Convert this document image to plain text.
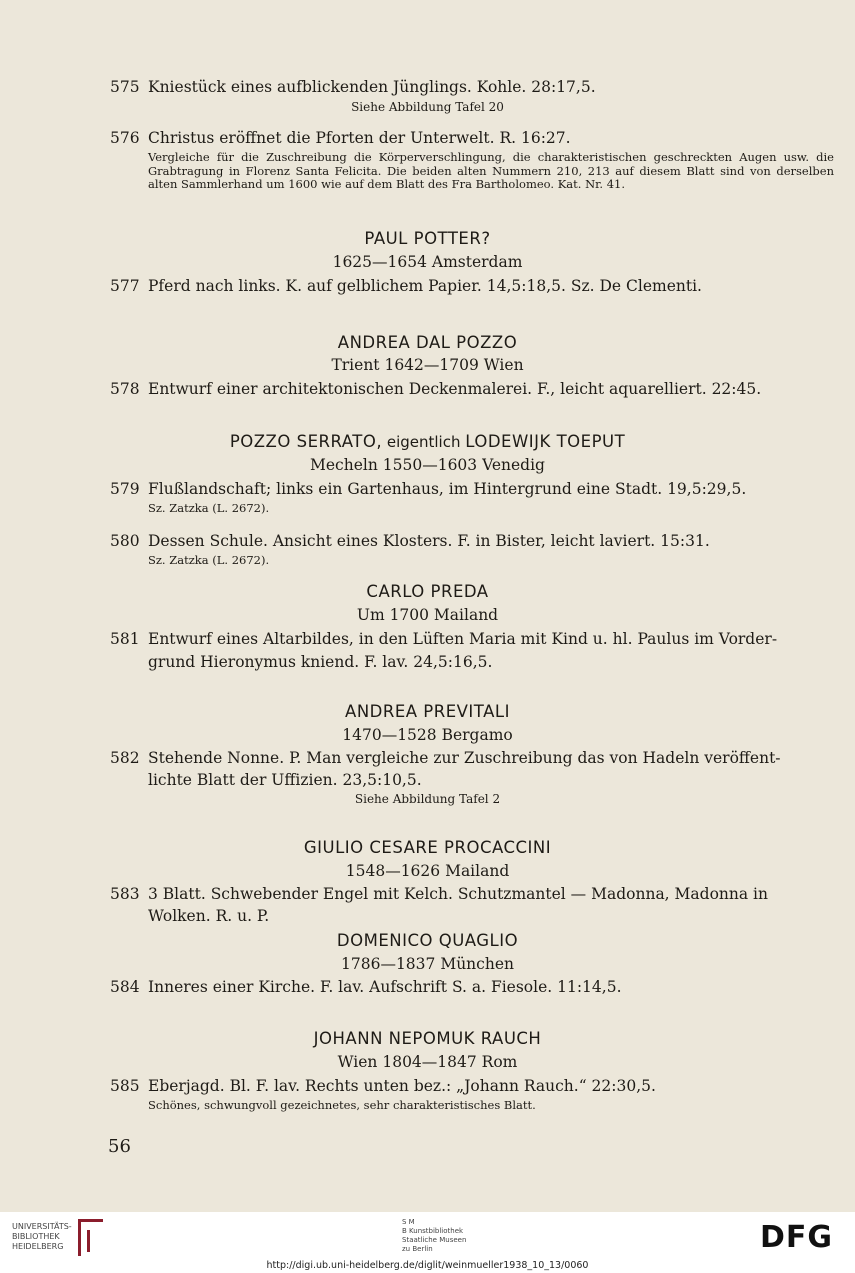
575 Kniestück eines aufblickenden Jünglings. Kohle. 28:17,5.
Siehe Abbildung Tafel 20
576 Christus eröffnet die Pforten der Unterwelt. R. 16:27.
Vergleiche für die Zuschreibung die Körperverschlingung, die charakteristischen geschreckten Augen usw. die Grabtragung in Florenz Santa Felicita. Die beiden alten Nummern 210, 213 auf diesem Blatt sind von derselben alten Sammlerhand um 1600 wie auf dem Blatt des Fra Bartholomeo. Kat. Nr. 41.
PAUL POTTER?
1625—1654 Amsterdam
577 Pferd nach links. K. auf gelblichem Papier. 14,5:18,5. Sz. De Clementi.
ANDREA DAL POZZO
Trient 1642—1709 Wien
578 Entwurf einer architektonischen Deckenmalerei. F., leicht aquarelliert. 22:45.
POZZO SERRATO, eigentlich LODEWIJK TOEPUT
Mecheln 1550—1603 Venedig
579 Flußlandschaft; links ein Gartenhaus, im Hintergrund eine Stadt. 19,5:29,5.
Sz. Zatzka (L. 2672).
580 Dessen Schule. Ansicht eines Klosters. F. in Bister, leicht laviert. 15:31.
Sz. Zatzka (L. 2672).
CARLO PREDA
Um 1700 Mailand
581 Entwurf eines Altarbildes, in den Lüften Maria mit Kind u. hl. Paulus im Vorder-
grund Hieronymus kniend. F. lav. 24,5:16,5.
ANDREA PREVITALI
1470—1528 Bergamo
582 Stehende Nonne. P. Man vergleiche zur Zuschreibung das von Hadeln veröffent-
lichte Blatt der Uffizien. 23,5:10,5.
Siehe Abbildung Tafel 2
GIULIO CESARE PROCACCINI
1548—1626 Mailand
583 3 Blatt. Schwebender Engel mit Kelch. Schutzmantel — Madonna, Madonna in
Wolken. R. u. P.
DOMENICO QUAGLIO
1786—1837 München
584 Inneres einer Kirche. F. lav. Aufschrift S. a. Fiesole. 11:14,5.
JOHANN NEPOMUK RAUCH
Wien 1804—1847 Rom
585 Eberjagd. Bl. F. lav. Rechts unten bez.: „Johann Rauch.“ 22:30,5.
Schönes, schwungvoll gezeichnetes, sehr charakteristisches Blatt.
56
UNIVERSITÄTS-
BIBLIOTHEK
HEIDELBERG
S M
B Kunstbibliothek
Staatliche Museen
zu Berlin	DFG
http://digi.ub.uni-heidelberg.de/diglit/weinmueller1938_10_13/0060
